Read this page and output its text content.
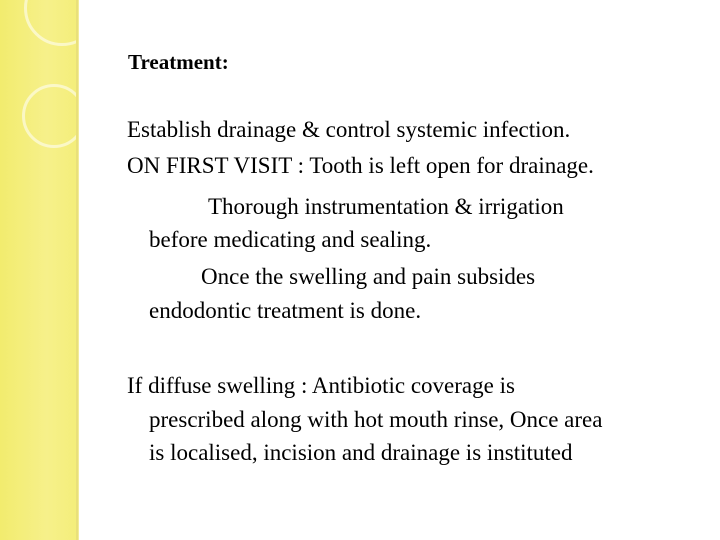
Treatment:
Establish drainage & control systemic infection.
ON FIRST VISIT : Tooth is left open for drainage.
Thorough instrumentation & irrigation
before medicating and sealing.
Once the swelling and pain subsides
endodontic treatment is done.
If diffuse swelling : Antibiotic coverage is
prescribed along with hot mouth rinse, Once area
is localised, incision and drainage is instituted
